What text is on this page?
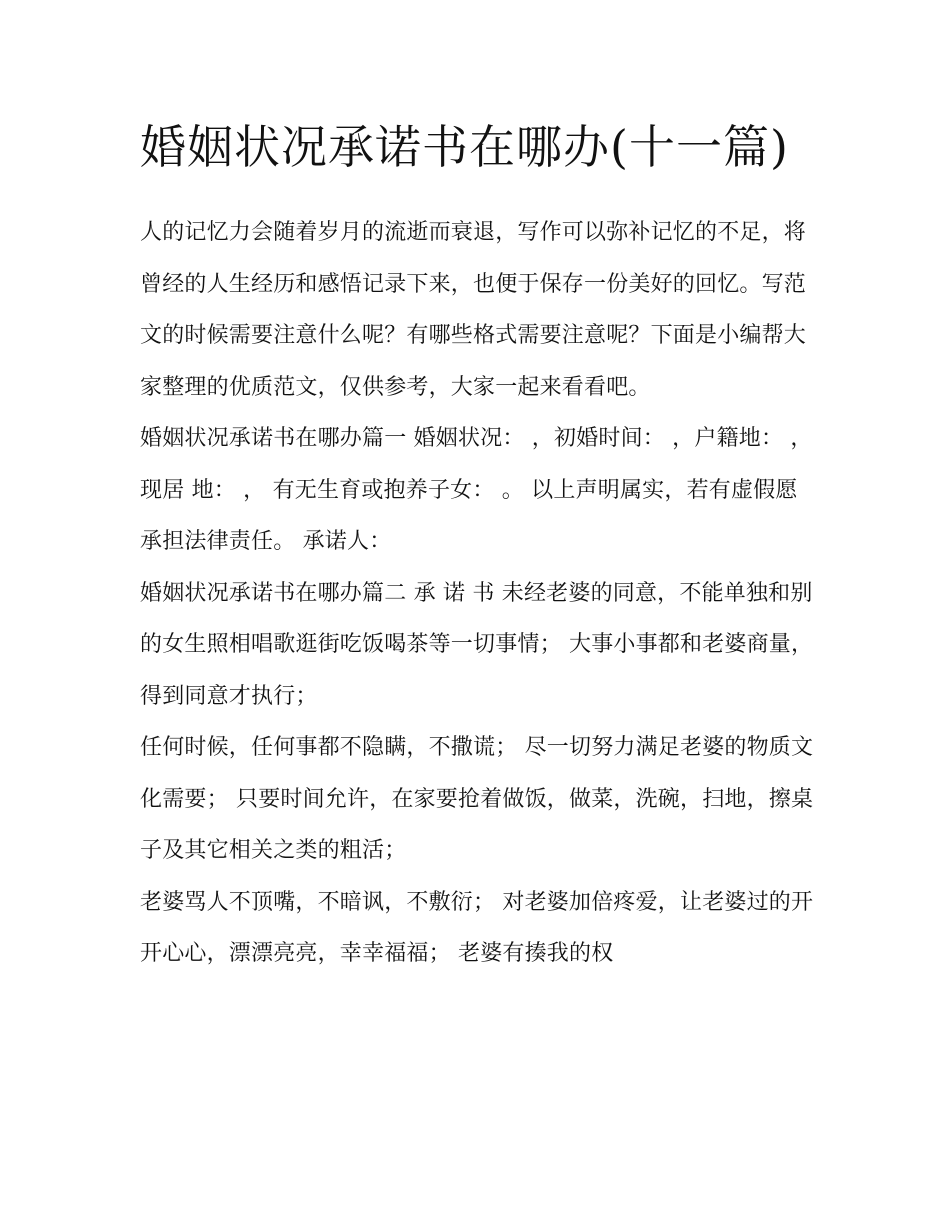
婚姻状况承诺书在哪办(十一篇)

人的记忆力会随着岁月的流逝而衰退，写作可以弥补记忆的不足，将曾经的人生经历和感悟记录下来，也便于保存一份美好的回忆。写范文的时候需要注意什么呢？有哪些格式需要注意呢？下面是小编帮大家整理的优质范文，仅供参考，大家一起来看看吧。

婚姻状况承诺书在哪办篇一 婚姻状况： ，初婚时间： ，户籍地： ，现居 地： ， 有无生育或抱养子女： 。 以上声明属实，若有虚假愿承担法律责任。 承诺人：

婚姻状况承诺书在哪办篇二 承 诺 书 未经老婆的同意，不能单独和别的女生照相唱歌逛街吃饭喝茶等一切事情； 大事小事都和老婆商量，得到同意才执行；

任何时候，任何事都不隐瞒，不撒谎； 尽一切努力满足老婆的物质文化需要； 只要时间允许，在家要抢着做饭，做菜，洗碗，扫地，擦桌子及其它相关之类的粗活；

老婆骂人不顶嘴，不暗讽，不敷衍； 对老婆加倍疼爱，让老婆过的开开心心，漂漂亮亮，幸幸福福； 老婆有揍我的权
